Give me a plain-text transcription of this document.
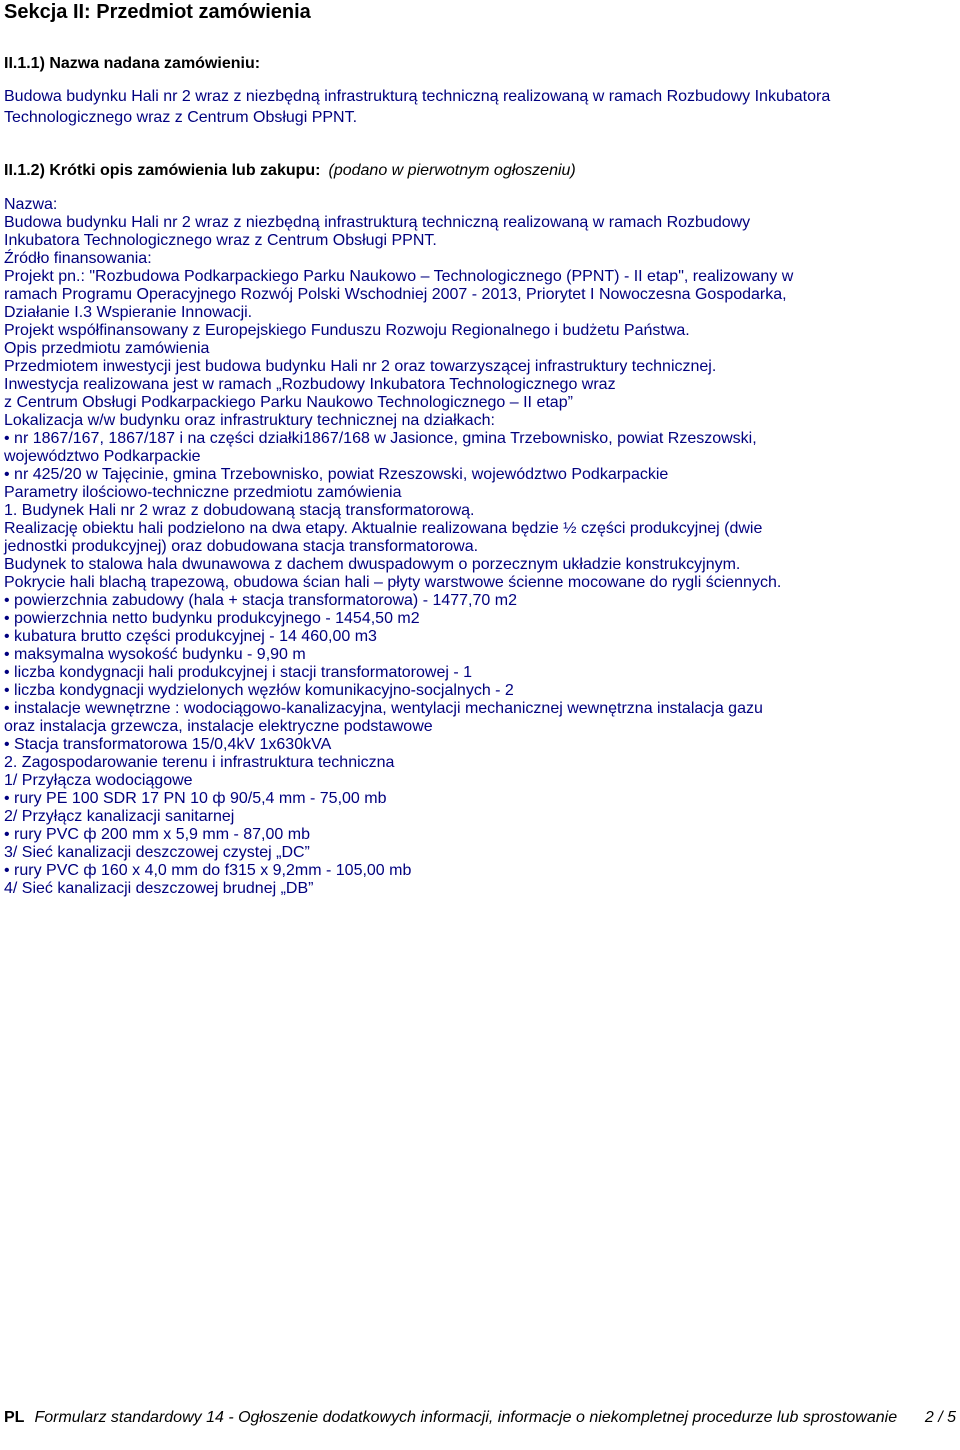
Sekcja II: Przedmiot zamówienia
II.1.1) Nazwa nadana zamówieniu:

Budowa budynku Hali nr 2 wraz z niezbędną infrastrukturą techniczną realizowaną w ramach Rozbudowy Inkubatora Technologicznego wraz z Centrum Obsługi PPNT.

II.1.2) Krótki opis zamówienia lub zakupu: (podano w pierwotnym ogłoszeniu)
Nazwa:
Budowa budynku Hali nr 2 wraz z niezbędną infrastrukturą techniczną realizowaną w ramach Rozbudowy
Inkubatora Technologicznego wraz z Centrum Obsługi PPNT.
Źródło finansowania:
Projekt pn.: "Rozbudowa Podkarpackiego Parku Naukowo – Technologicznego (PPNT) - II etap", realizowany w
ramach Programu Operacyjnego Rozwój Polski Wschodniej 2007 - 2013, Priorytet I Nowoczesna Gospodarka,
Działanie I.3 Wspieranie Innowacji.
Projekt współfinansowany z Europejskiego Funduszu Rozwoju Regionalnego i budżetu Państwa.
Opis przedmiotu zamówienia
Przedmiotem inwestycji jest budowa budynku Hali nr 2 oraz towarzyszącej infrastruktury technicznej.
Inwestycja realizowana jest w ramach „Rozbudowy Inkubatora Technologicznego wraz
z Centrum Obsługi Podkarpackiego Parku Naukowo Technologicznego – II etap”
Lokalizacja w/w budynku oraz infrastruktury technicznej na działkach:
• nr 1867/167, 1867/187 i na części działki1867/168 w Jasionce, gmina Trzebownisko, powiat Rzeszowski,
województwo Podkarpackie
• nr 425/20 w Tajęcinie, gmina Trzebownisko, powiat Rzeszowski, województwo Podkarpackie
Parametry ilościowo-techniczne przedmiotu zamówienia
1. Budynek Hali nr 2 wraz z dobudowaną stacją transformatorową.
Realizację obiektu hali podzielono na dwa etapy. Aktualnie realizowana będzie ½ części produkcyjnej (dwie
jednostki produkcyjnej) oraz dobudowana stacja transformatorowa.
Budynek to stalowa hala dwunawowa z dachem dwuspadowym o porzecznym układzie konstrukcyjnym.
Pokrycie hali blachą trapezową, obudowa ścian hali – płyty warstwowe ścienne mocowane do rygli ściennych.
• powierzchnia zabudowy (hala + stacja transformatorowa) - 1477,70 m2
• powierzchnia netto budynku produkcyjnego - 1454,50 m2
• kubatura brutto części produkcyjnej - 14 460,00 m3
• maksymalna wysokość budynku - 9,90 m
• liczba kondygnacji hali produkcyjnej i stacji transformatorowej - 1
• liczba kondygnacji wydzielonych węzłów komunikacyjno-socjalnych - 2
• instalacje wewnętrzne : wodociągowo-kanalizacyjna, wentylacji mechanicznej wewnętrzna instalacja gazu
oraz instalacja grzewcza, instalacje elektryczne podstawowe
• Stacja transformatorowa 15/0,4kV 1x630kVA
2. Zagospodarowanie terenu i infrastruktura techniczna
1/ Przyłącza wodociągowe
• rury PE 100 SDR 17 PN 10 ф 90/5,4 mm - 75,00 mb
2/ Przyłącz kanalizacji sanitarnej
• rury PVC ф 200 mm x 5,9 mm - 87,00 mb
3/ Sieć kanalizacji deszczowej czystej „DC”
• rury PVC ф 160 x 4,0 mm do f315 x 9,2mm - 105,00 mb
4/ Sieć kanalizacji deszczowej brudnej „DB”
PL Formularz standardowy 14 - Ogłoszenie dodatkowych informacji, informacje o niekompletnej procedurze lub sprostowanie 2 / 5
